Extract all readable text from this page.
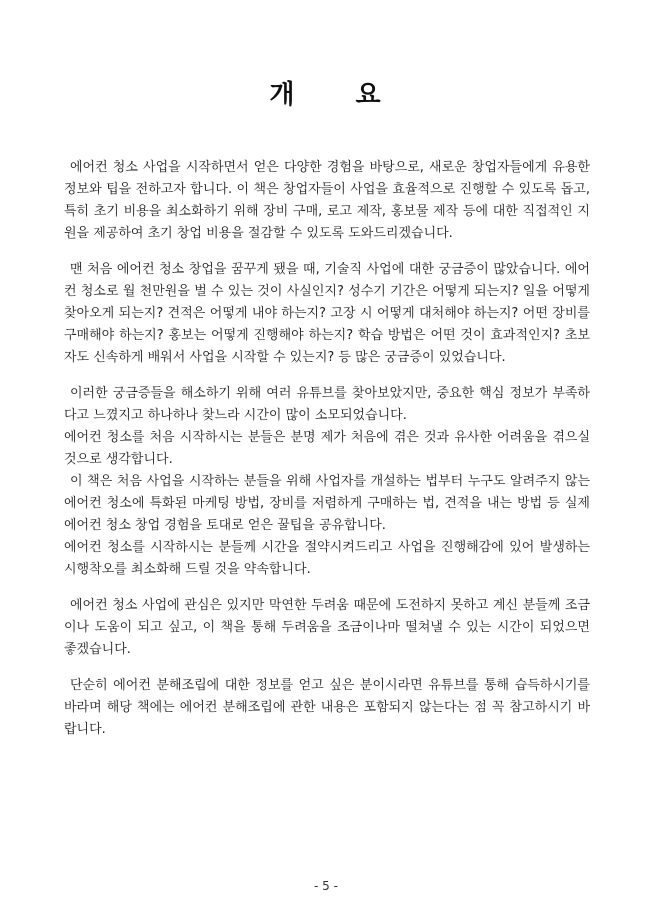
개 요

에어컨 청소 사업을 시작하면서 얻은 다양한 경험을 바탕으로, 새로운 창업자들에게 유용한 정보와 팁을 전하고자 합니다. 이 책은 창업자들이 사업을 효율적으로 진행할 수 있도록 돕고, 특히 초기 비용을 최소화하기 위해 장비 구매, 로고 제작, 홍보물 제작 등에 대한 직접적인 지원을 제공하여 초기 창업 비용을 절감할 수 있도록 도와드리겠습니다.

맨 처음 에어컨 청소 창업을 꿈꾸게 됐을 때, 기술직 사업에 대한 궁금증이 많았습니다. 에어컨 청소로 월 천만원을 벌 수 있는 것이 사실인지? 성수기 기간은 어떻게 되는지? 일을 어떻게 찾아오게 되는지? 견적은 어떻게 내야 하는지? 고장 시 어떻게 대처해야 하는지? 어떤 장비를 구매해야 하는지? 홍보는 어떻게 진행해야 하는지? 학습 방법은 어떤 것이 효과적인지? 초보자도 신속하게 배워서 사업을 시작할 수 있는지? 등 많은 궁금증이 있었습니다.

이러한 궁금증들을 해소하기 위해 여러 유튜브를 찾아보았지만, 중요한 핵심 정보가 부족하다고 느꼈지고 하나하나 찾느라 시간이 많이 소모되었습니다.

에어컨 청소를 처음 시작하시는 분들은 분명 제가 처음에 겪은 것과 유사한 어려움을 겪으실 것으로 생각합니다.

이 책은 처음 사업을 시작하는 분들을 위해 사업자를 개설하는 법부터 누구도 알려주지 않는 에어컨 청소에 특화된 마케팅 방법, 장비를 저렴하게 구매하는 법, 견적을 내는 방법 등 실제 에어컨 청소 창업 경험을 토대로 얻은 꿀팁을 공유합니다.

에어컨 청소를 시작하시는 분들께 시간을 절약시켜드리고 사업을 진행해감에 있어 발생하는 시행착오를 최소화해 드릴 것을 약속합니다.

에어컨 청소 사업에 관심은 있지만 막연한 두려움 때문에 도전하지 못하고 계신 분들께 조금이나 도움이 되고 싶고, 이 책을 통해 두려움을 조금이나마 떨쳐낼 수 있는 시간이 되었으면 좋겠습니다.

단순히 에어컨 분해조립에 대한 정보를 얻고 싶은 분이시라면 유튜브를 통해 습득하시기를 바라며 해당 책에는 에어컨 분해조립에 관한 내용은 포함되지 않는다는 점 꼭 참고하시기 바랍니다.

- 5 -
